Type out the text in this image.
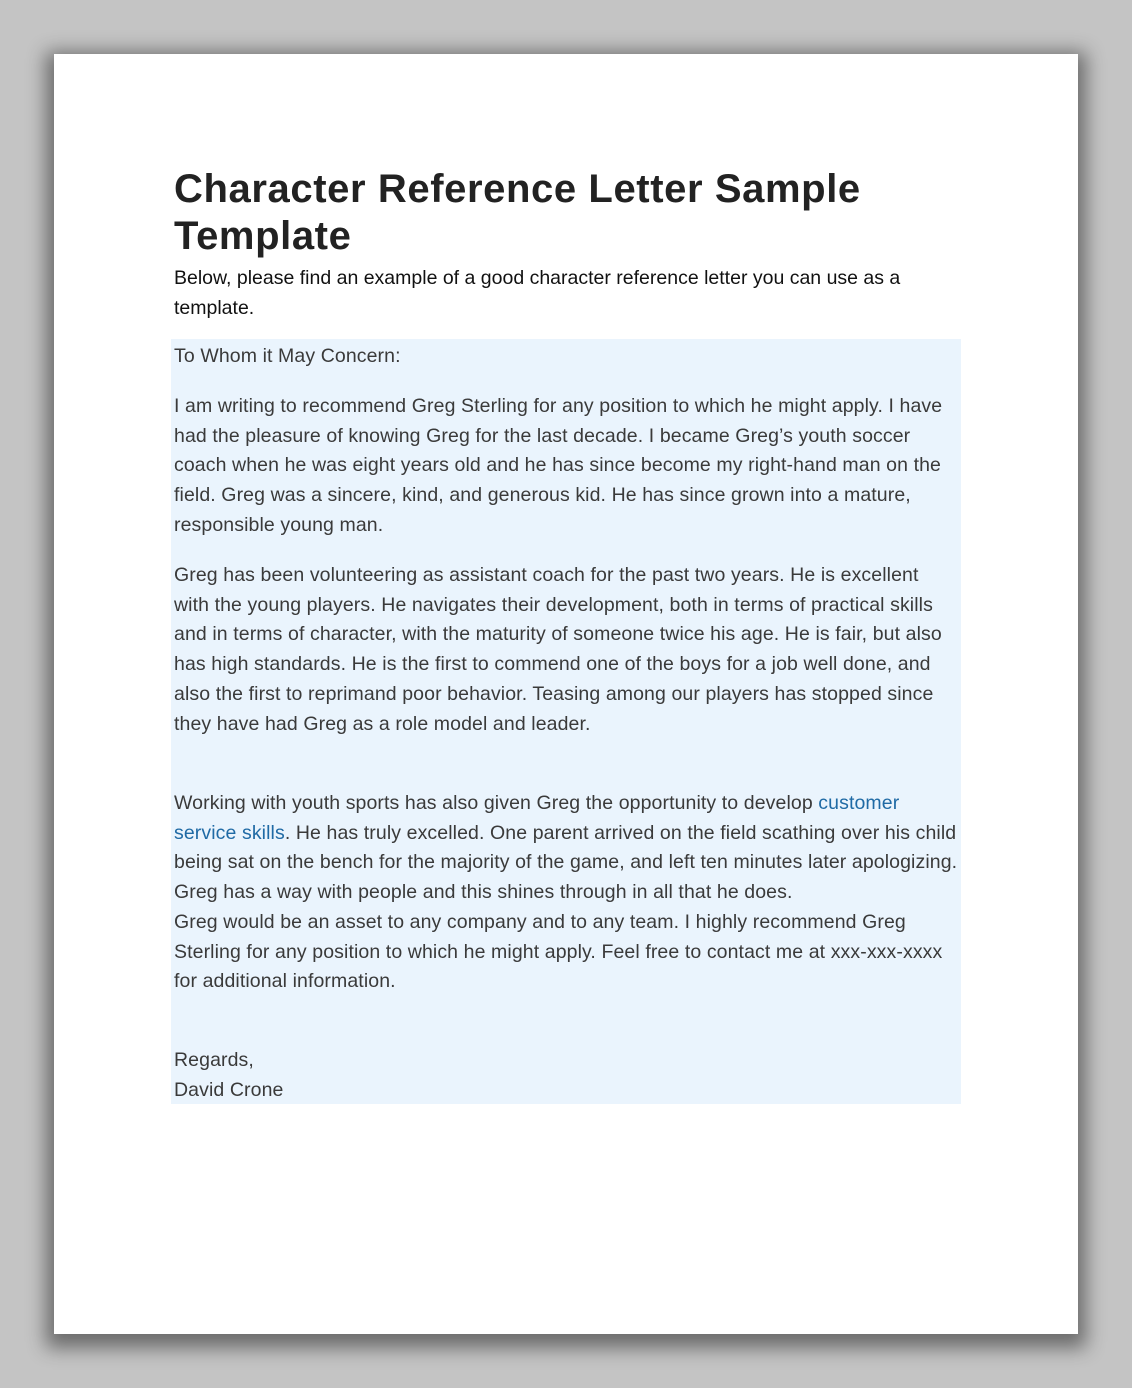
Character Reference Letter Sample Template

Below, please find an example of a good character reference letter you can use as a template.

To Whom it May Concern:

I am writing to recommend Greg Sterling for any position to which he might apply. I have had the pleasure of knowing Greg for the last decade. I became Greg’s youth soccer coach when he was eight years old and he has since become my right-hand man on the field. Greg was a sincere, kind, and generous kid. He has since grown into a mature, responsible young man.

Greg has been volunteering as assistant coach for the past two years. He is excellent with the young players. He navigates their development, both in terms of practical skills and in terms of character, with the maturity of someone twice his age. He is fair, but also has high standards. He is the first to commend one of the boys for a job well done, and also the first to reprimand poor behavior. Teasing among our players has stopped since they have had Greg as a role model and leader.

Working with youth sports has also given Greg the opportunity to develop customer service skills. He has truly excelled. One parent arrived on the field scathing over his child being sat on the bench for the majority of the game, and left ten minutes later apologizing. Greg has a way with people and this shines through in all that he does.
Greg would be an asset to any company and to any team. I highly recommend Greg Sterling for any position to which he might apply. Feel free to contact me at xxx-xxx-xxxx for additional information.

Regards,
David Crone
